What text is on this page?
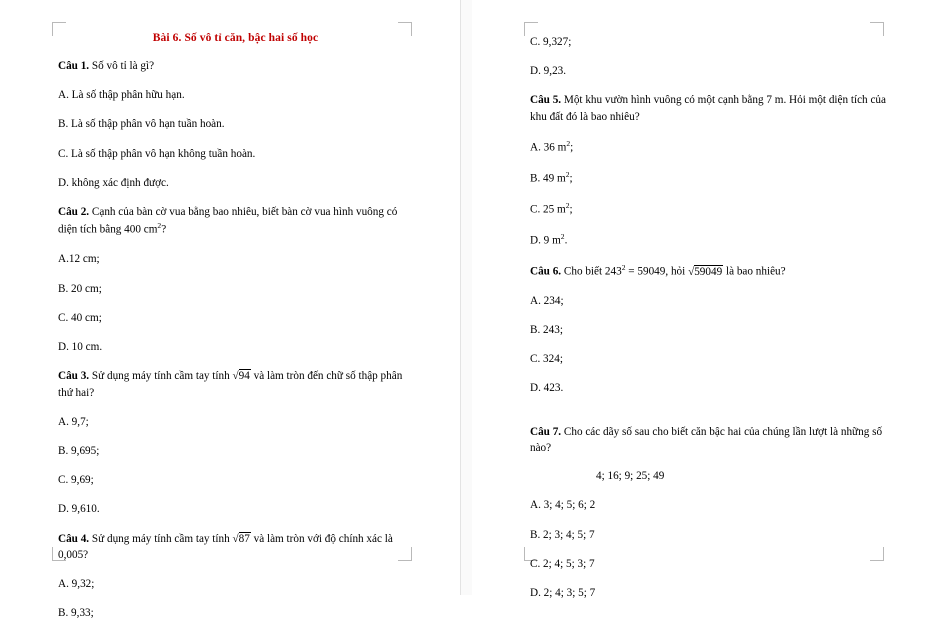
Bài 6. Số vô tỉ căn, bậc hai số học

Câu 1. Số vô tỉ là gì?

A. Là số thập phân hữu hạn.

B. Là số thập phân vô hạn tuần hoàn.

C. Là số thập phân vô hạn không tuần hoàn.

D. không xác định được.

Câu 2. Cạnh của bàn cờ vua bằng bao nhiêu, biết bàn cờ vua hình vuông có diện tích bằng 400 $cm^2$?

A.12 cm;

B. 20 cm;

C. 40 cm;

D. 10 cm.

Câu 3. Sử dụng máy tính cầm tay tính √94 và làm tròn đến chữ số thập phân thứ hai?

A. 9,7;

B. 9,695;

C. 9,69;

D. 9,610.

Câu 4. Sử dụng máy tính cầm tay tính √87 và làm tròn với độ chính xác là 0,005?

A. 9,32;

B. 9,33;

C. 9,327;

D. 9,23.

Câu 5. Một khu vườn hình vuông có một cạnh bằng 7 m. Hỏi một diện tích của khu đất đó là bao nhiêu?

A. 36 $m^2$;

B. 49 $m^2$;

C. 25 $m^2$;

D. 9 $m^2$.

Câu 6. Cho biết $243^2 = 59049$, hỏi √59049 là bao nhiêu?

A. 234;

B. 243;

C. 324;

D. 423.

Câu 7. Cho các dãy số sau cho biết căn bậc hai của chúng lần lượt là những số nào?

4; 16; 9; 25; 49

A. 3; 4; 5; 6; 2

B. 2; 3; 4; 5; 7

C. 2; 4; 5; 3; 7

D. 2; 4; 3; 5; 7
